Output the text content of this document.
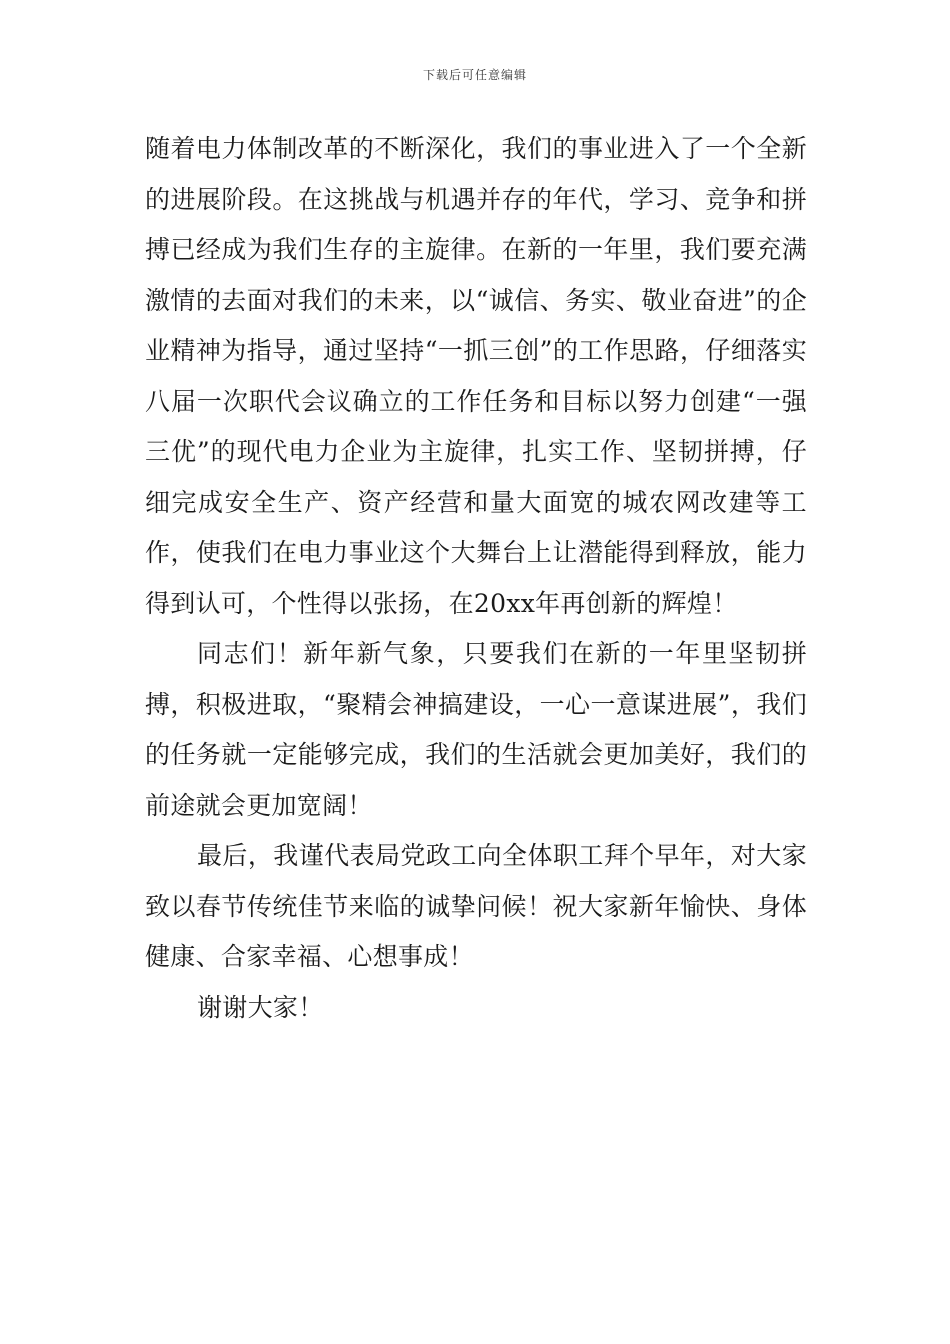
下载后可任意编辑

随着电力体制改革的不断深化，我们的事业进入了一个全新的进展阶段。在这挑战与机遇并存的年代，学习、竞争和拼搏已经成为我们生存的主旋律。在新的一年里，我们要充满激情的去面对我们的未来，以“诚信、务实、敬业奋进”的企业精神为指导，通过坚持“一抓三创”的工作思路，仔细落实八届一次职代会议确立的工作任务和目标以努力创建“一强三优”的现代电力企业为主旋律，扎实工作、坚韧拼搏，仔细完成安全生产、资产经营和量大面宽的城农网改建等工作，使我们在电力事业这个大舞台上让潜能得到释放，能力得到认可，个性得以张扬，在20xx年再创新的辉煌！

同志们！新年新气象，只要我们在新的一年里坚韧拼搏，积极进取，“聚精会神搞建设，一心一意谋进展”，我们的任务就一定能够完成，我们的生活就会更加美好，我们的前途就会更加宽阔！

最后，我谨代表局党政工向全体职工拜个早年，对大家致以春节传统佳节来临的诚挚问候！祝大家新年愉快、身体健康、合家幸福、心想事成！

谢谢大家！
